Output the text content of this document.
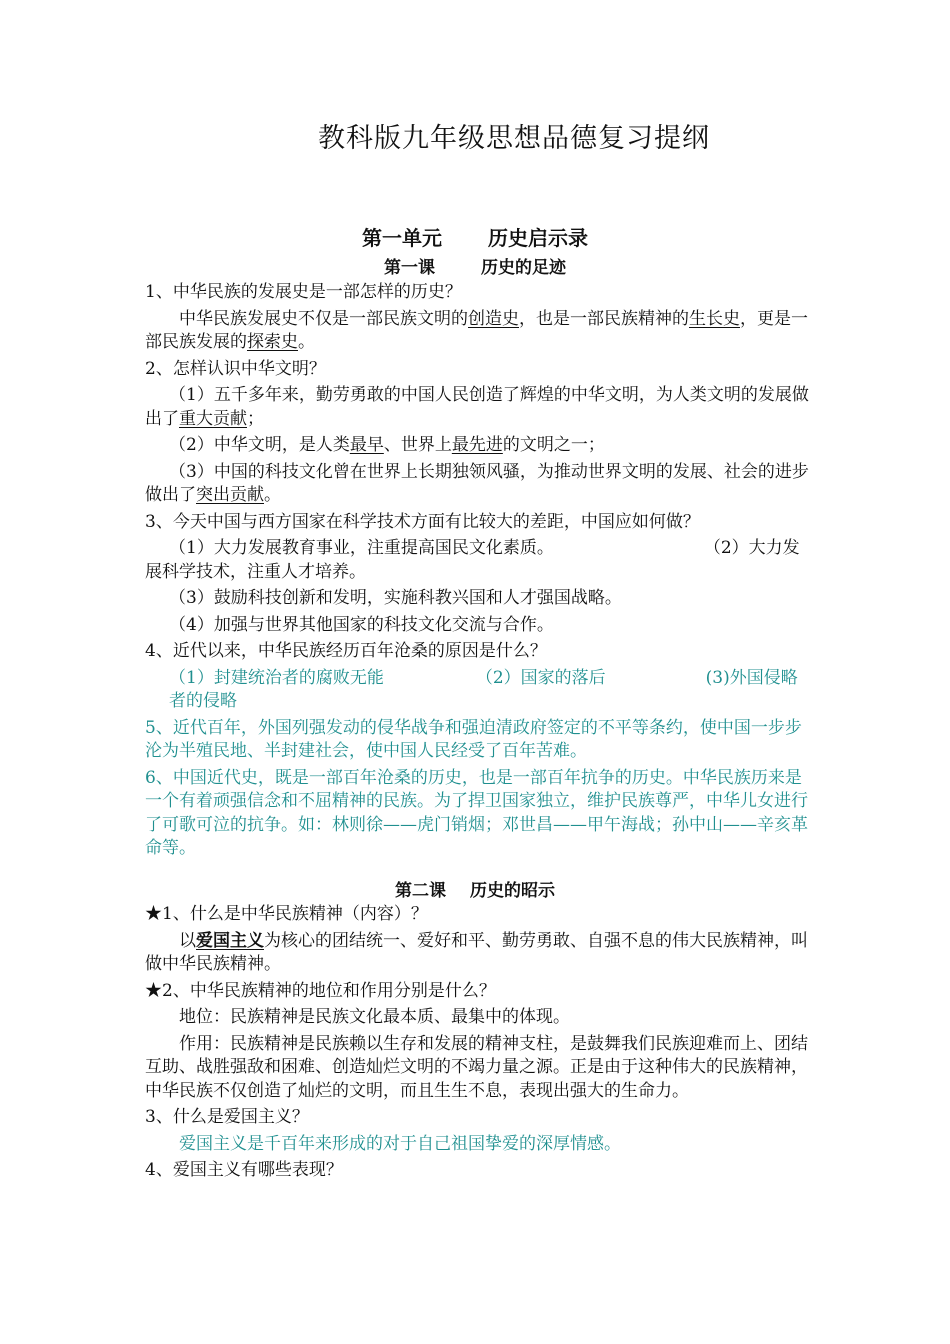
教科版九年级思想品德复习提纲
第一单元 历史启示录
第一课	历史的足迹

1、中华民族的发展史是一部怎样的历史？

中华民族发展史不仅是一部民族文明的创造史，也是一部民族精神的生长史，更是一部民族发展的探索史。

2、怎样认识中华文明？

（1）五千多年来，勤劳勇敢的中国人民创造了辉煌的中华文明，为人类文明的发展做出了重大贡献；

（2）中华文明，是人类最早、世界上最先进的文明之一；

（3）中国的科技文化曾在世界上长期独领风骚，为推动世界文明的发展、社会的进步做出了突出贡献。

3、今天中国与西方国家在科学技术方面有比较大的差距，中国应如何做？

（1）大力发展教育事业，注重提高国民文化素质。	（2）大力发展科学技术，注重人才培养。

（3）鼓励科技创新和发明，实施科教兴国和人才强国战略。

（4）加强与世界其他国家的科技文化交流与合作。

4、近代以来，中华民族经历百年沧桑的原因是什么？

（1）封建统治者的腐败无能	（2）国家的落后	(3)外国侵略者的侵略

5、近代百年，外国列强发动的侵华战争和强迫清政府签定的不平等条约，使中国一步步沦为半殖民地、半封建社会，使中国人民经受了百年苦难。

6、中国近代史，既是一部百年沧桑的历史，也是一部百年抗争的历史。中华民族历来是一个有着顽强信念和不屈精神的民族。为了捍卫国家独立，维护民族尊严，中华儿女进行了可歌可泣的抗争。如：林则徐——虎门销烟；邓世昌——甲午海战；孙中山——辛亥革命等。

第二课 历史的昭示

★1、什么是中华民族精神（内容）？

以爱国主义为核心的团结统一、爱好和平、勤劳勇敢、自强不息的伟大民族精神，叫做中华民族精神。

★2、中华民族精神的地位和作用分别是什么？

地位：民族精神是民族文化最本质、最集中的体现。

作用：民族精神是民族赖以生存和发展的精神支柱，是鼓舞我们民族迎难而上、团结互助、战胜强敌和困难、创造灿烂文明的不竭力量之源。正是由于这种伟大的民族精神，中华民族不仅创造了灿烂的文明，而且生生不息，表现出强大的生命力。

3、什么是爱国主义？

爱国主义是千百年来形成的对于自己祖国挚爱的深厚情感。

4、爱国主义有哪些表现？
